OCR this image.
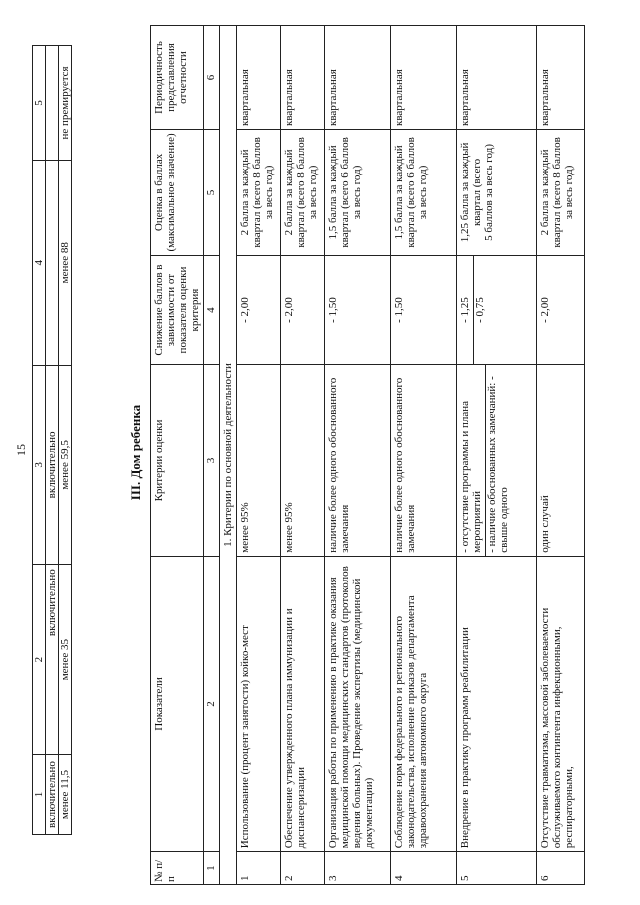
15
1	2	3	4	5
включительно	включительно	включительно		
менее 11,5	менее 35	менее 59,5	менее 88	не премируется
III. Дом ребенка
№ п/п	Показатели	Критерии оценки	Снижение баллов в зависимости от показателя оценки критерия	Оценка в баллах (максимальное значение)	Периодичность представления отчетности
1	2	3	4	5	6
1. Критерии по основной деятельности					
1	Использование (процент занятости) койко-мест	менее 95%	- 2,00	2 балла за каждый квартал (всего 8 баллов за весь год)	квартальная
2	Обеспечение утвержденного плана иммунизации и диспансеризации	менее 95%	- 2,00	2 балла за каждый квартал (всего 8 баллов за весь год)	квартальная
3	Организация работы по применению в практике оказания медицинской помощи медицинских стандартов (протоколов ведения больных). Проведение экспертизы (медицинской документации)	наличие более одного обоснованного замечания	- 1,50	1,5 балла за каждый квартал (всего 6 баллов за весь год)	квартальная
4	Соблюдение норм федерального и регионального законодательства, исполнение приказов департамента здравоохранения автономного округа	наличие более одного обоснованного замечания	- 1,50	1,5 балла за каждый квартал (всего 6 баллов за весь год)	квартальная
5	Внедрение в практику программ реабилитации	- отсутствие программы и плана мероприятий - наличие обоснованных замечаний: - свыше одного	- 1,25 - 0,75	1,25 балла за каждый квартал (всего 5 баллов за весь год)	квартальная
6	Отсутствие травматизма, массовой заболеваемости обслуживаемого контингента инфекционными, респираторными,	один случай	- 2,00	2 балла за каждый квартал (всего 8 баллов за весь год)	квартальная
